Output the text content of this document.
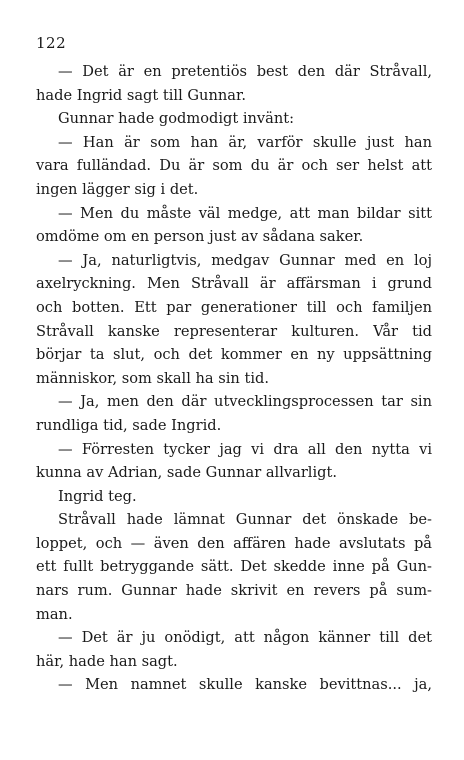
122
— Det är en pretentiös best den där Stråvall,
hade Ingrid sagt till Gunnar.
Gunnar hade godmodigt invänt:
— Han är som han är, varför skulle just han
vara fulländad. Du är som du är och ser helst att
ingen lägger sig i det.
— Men du måste väl medge, att man bildar sitt
omdöme om en person just av sådana saker.
— Ja, naturligtvis, medgav Gunnar med en loj
axelryckning. Men Stråvall är affärsman i grund
och botten. Ett par generationer till och familjen
Stråvall kanske representerar kulturen. Vår tid
börjar ta slut, och det kommer en ny uppsättning
människor, som skall ha sin tid.
— Ja, men den där utvecklingsprocessen tar sin
rundliga tid, sade Ingrid.
— Förresten tycker jag vi dra all den nytta vi
kunna av Adrian, sade Gunnar allvarligt.
Ingrid teg.
Stråvall hade lämnat Gunnar det önskade be-
loppet, och — även den affären hade avslutats på
ett fullt betryggande sätt. Det skedde inne på Gun-
nars rum. Gunnar hade skrivit en revers på sum-
man.
— Det är ju onödigt, att någon känner till det
här, hade han sagt.
— Men namnet skulle kanske bevittnas... ja,
